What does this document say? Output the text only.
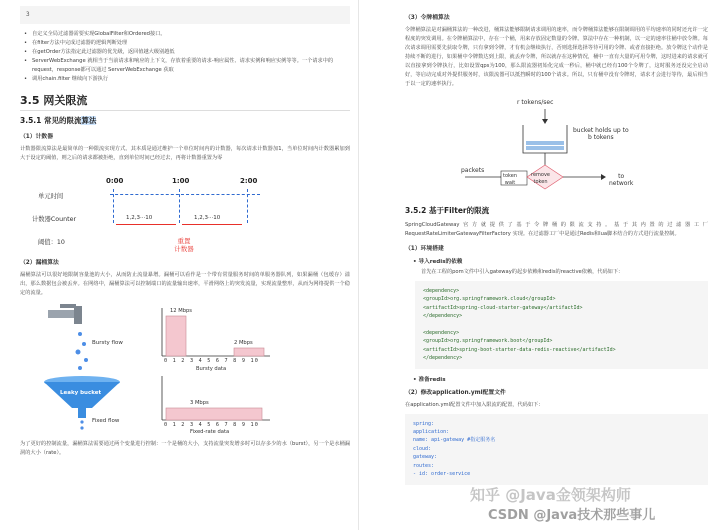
3
• 自定义全局过滤器需要实现GlobalFilter和Ordered接口。
• 在filter方法中完成过滤器的逻辑判断处理
• 在getOrder方法指定此过滤器的优先级，返回值越大级别越低
• ServerWebExchange 就相当于当前请求和响应的上下文，存放着重要的请求-响应属性、请求实例和响应实例等等。一个请求中的request，response都可以通过 ServerWebExchange 获取
• 调用chain.filter 继续向下游执行
3.5 网关限流
3.5.1 常见的限流算法
（1）计数器

计数器限流算法是最简单的一种限流实现方式。其本质是通过维护一个单位时间内的计数器，每次请求计数器加1，当单位时间内计数器累加到大于设定的阈值，则之后的请求都被拒绝，直到单位时间已经过去，再将计数器重置为零

0:00	1:00	2:00
单元时间
计数器Counter	1,2,3···10	1,2,3···10
阈值：10	重置
计数器
（2）漏桶算法

漏桶算法可以很好地限制容量池的大小，从而防止流量暴增。漏桶可以看作是一个带有常量服务时间的单服务器队列，如果漏桶（包缓存）溢出，那么数据包会被丢弃。在网络中，漏桶算法可以控制端口的流量输出速率，平滑网络上的突发流量，实现流量整形，从而为网络提供一个稳定的流量。

Bursty flow
Leaky bucket
Fixed flow
12 Mbps
2 Mbps
0 1 2 3 4 5 6 7 8 9 10
Bursty data
3 Mbps
0 1 2 3 4 5 6 7 8 9 10
Fixed-rate data

为了更好的控制流量，漏桶算法需要通过两个变量进行控制：一个是桶的大小，支持流量突发增多时可以存多少的水（burst），另一个是水桶漏洞的大小（rate）。

（3）令牌桶算法

令牌桶算法是对漏桶算法的一种改进，桶算法能够限制请求调用的速率，而令牌桶算法能够在限制调用的平均速率的同时还允许一定程度的突发调用。在令牌桶算法中，存在一个桶，用来存放固定数量的令牌。算法中存在一种机制，以一定的速率往桶中放令牌。每次请求调用需要先获取令牌，只有拿到令牌，才有机会继续执行，否则选择选择等待可用的令牌、或者直接拒绝。放令牌这个动作是持续不断的进行，如果桶中令牌数达到上限，就丢弃令牌，所以就存在这种情况，桶中一直有大量的可用令牌，这时进来的请求就可以直接拿到令牌执行，比如设置qps为100，那么限流器初始化完成一秒后，桶中就已经有100个令牌了，这时服务还没完全启动好，等启动完成对外提供服务时，该限流器可以抵挡瞬时的100个请求。所以，只有桶中没有令牌时，请求才会进行等待，最后相当于以一定的速率执行。

r tokens/sec
bucket holds up to
b tokens
packets
token
wait
remove
token
to
network
3.5.2 基于Filter的限流

SpringCloudGateway官方就提供了基于令牌桶的限流支持。基于其内置的过滤器工厂 RequestRateLimiterGatewayFilterFactory 实现。在过滤器工厂中是通过Redis和lua脚本结合的方式进行流量控制。

（1）环境搭建
• 导入redis的依赖

首先在工程的pom文件中引入gateway的起步依赖和redis的reactive依赖，代码如下：

<dependency>
<groupId>org.springframework.cloud</groupId>
<artifactId>spring-cloud-starter-gateway</artifactId>
</dependency>

<dependency>
<groupId>org.springframework.boot</groupId>
<artifactId>spring-boot-starter-data-redis-reactive</artifactId>
</dependency>
• 准备redis
（2）修改application.yml配置文件

在application.yml配置文件中加入限流的配置，代码如下：

spring:
application:
name: api-gateway #指定服务名
cloud:
gateway:
routes:
- id: order-service
知乎 @Java金领架构师
CSDN @Java技术那些事儿
